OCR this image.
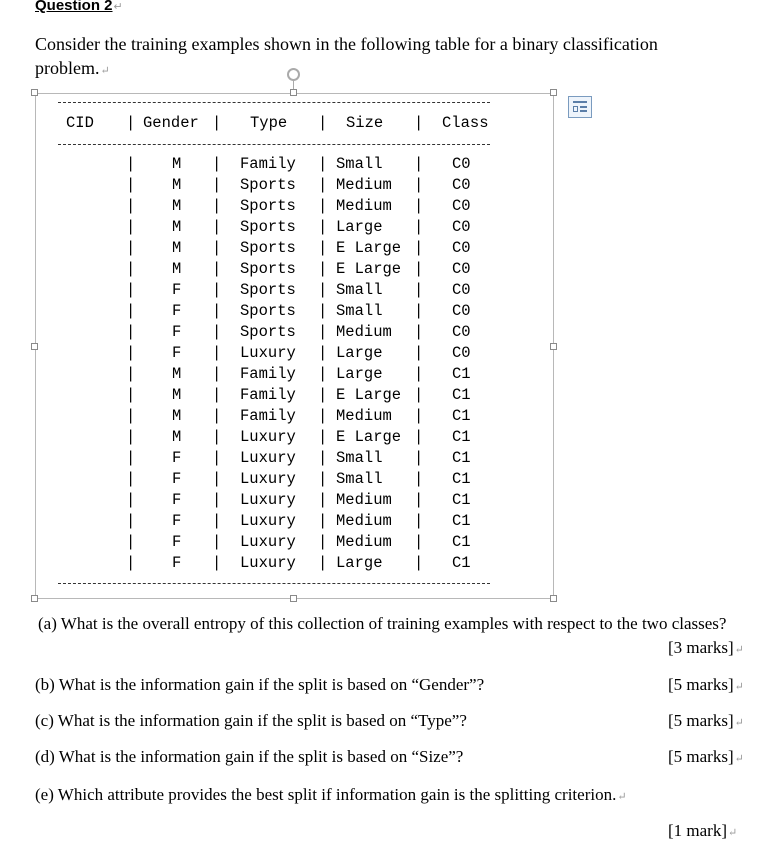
Question 2↵
Consider the training examples shown in the following table for a binary classification problem.↵
CID | Gender | Type | Size | Class
M	Family	Small	C0
|	|	|	|
M	Sports	Medium	C0
|	|	|	|
M	Sports	Medium	C0
|	|	|	|
M	Sports	Large	C0
|	|	|	|
M	Sports	E Large	C0
|	|	|	|
M	Sports	E Large	C0
|	|	|	|
F	Sports	Small	C0
|	|	|	|
F	Sports	Small	C0
|	|	|	|
F	Sports	Medium	C0
|	|	|	|
F	Luxury	Large	C0
|	|	|	|
M	Family	Large	C1
|	|	|	|
M	Family	E Large	C1
|	|	|	|
M	Family	Medium	C1
|	|	|	|
M	Luxury	E Large	C1
|	|	|	|
F	Luxury	Small	C1
|	|	|	|
F	Luxury	Small	C1
|	|	|	|
F	Luxury	Medium	C1
|	|	|	|
F	Luxury	Medium	C1
|	|	|	|
F	Luxury	Medium	C1
|	|	|	|
F	Luxury	Large	C1
|	|	|	|
(a) What is the overall entropy of this collection of training examples with respect to the two classes?
[3 marks]↵
(b) What is the information gain if the split is based on “Gender”?	[5 marks]↵
(c) What is the information gain if the split is based on “Type”?	[5 marks]↵
(d) What is the information gain if the split is based on “Size”?	[5 marks]↵
(e) Which attribute provides the best split if information gain is the splitting criterion.↵
[1 mark]↵
